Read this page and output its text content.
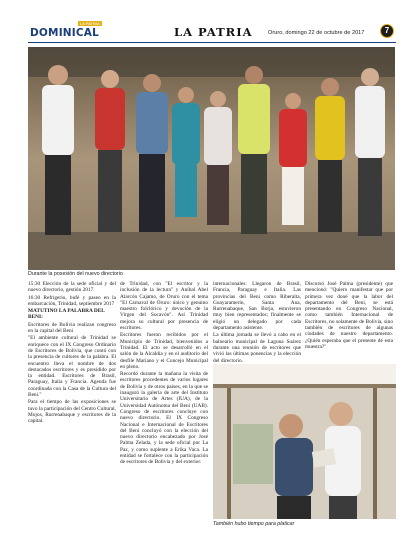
DOMINICAL
LA PATRIA
LA PATRIA	Oruro, domingo 22 de octubre de 2017	7
Durante la posesión del nuevo directorio

15:30 Elección de la sede oficial y del nuevo directorio, gestión 2017

16:30 Refrigerio, bufé y paseo en la embarcación, Trinidad, septiembre 2017

MATUTINO LA PALABRA DEL BENI:

Escritores de Bolivia realizan congreso en la capital del Beni

"El ambiente cultural de Trinidad se enriquece con el IX Congreso Ordinario de Escritores de Bolivia, que contó con la presencia de cultores de la palabra. El encuentro lleva el nombre de dos destacados escritores y es presidido por la entidad. Escritores de Brasil, Paraguay, Italia y Francia. Agenda fue coordinada con la Casa de la Cultura del Beni."

Para el tiempo de las exposiciones se tuvo la participación del Centro Cultural, Mojos, Rurrenabaque y escritores de la capital.

de Trinidad, con "El escritor y la inclusión de la lectura" y Aníbal Abel Alarcón Cajamo, de Oruro con el tema "El Carnaval de Oruro: único y genuino maestro folclórico y devoción de la Virgen del Socavón". Así Trinidad mejora su cultural por presencia de escritores.

Escritores fueron recibidos por el Municipio de Trinidad, bienvenidos a Trinidad. El acto se desarrolló en el salón de la Alcaldía y en el auditorio del desfile Mariano y el Concejo Municipal en pleno.

Recordó durante la mañana la visita de escritores procedentes de varios lugares de Bolivia y de otros países, en la que se inauguró la galería de arte del Instituto Universitario de Artes (IUA), de la Universidad Autónoma del Beni (UAB). Congreso de escritores concluye con nuevo directorio. El IX Congreso Nacional e Internacional de Escritores del Beni concluyó con la elección del nuevo directorio encabezado por José Palma Zelada, y la sede oficial por La Paz, y como suplente a Erika Vaca. La entidad se fortalece con la participación de escritores de Bolivia y del exterior.

internacionales: Llegaron de Brasil, Francia, Paraguay e Italia. Las provincias del Beni como Riberalta, Guayaramerín, Santa Ana, Rurrenabaque, San Borja, estuvieron muy bien representados; finalmente se eligió un delegado por cada departamento asistente.

La última jornada se llevó a cabo en el balneario municipal de Laguna Suárez durante una reunión de escritores que vivió las últimas ponencias y la elección del directorio.

Discursó José Palma (presidente) que mencionó: "Quiero manifestar que por primera vez doné que la labor del departamento del Beni, se está presentando en Congreso Nacional, como también Internacional de Escritores, no solamente de Bolivia, sino también de escritores de algunas ciudades de nuestro departamento. ¿Quién esperaba que el presente dé esta muestra?"

También hubo tiempo para platicar
